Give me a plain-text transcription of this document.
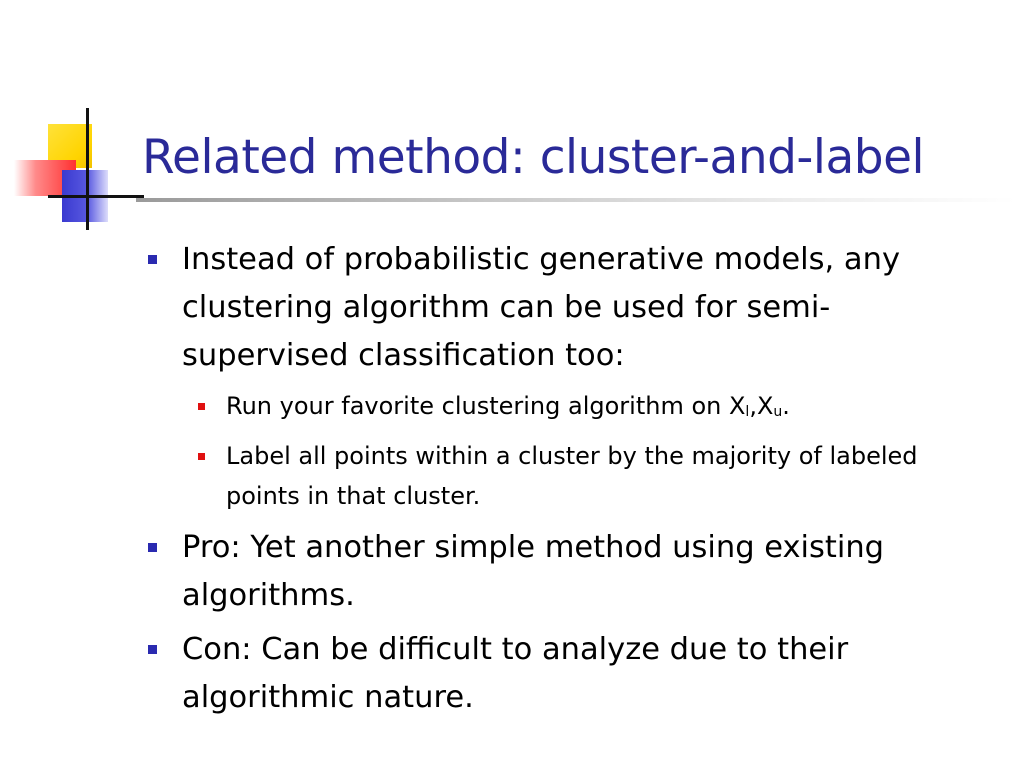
Related method: cluster-and-label
Instead of probabilistic generative models, any clustering algorithm can be used for semi-supervised classification too:
Run your favorite clustering algorithm on $X_l,X_u$.
Label all points within a cluster by the majority of labeled points in that cluster.
Pro: Yet another simple method using existing algorithms.
Con: Can be difficult to analyze due to their algorithmic nature.
